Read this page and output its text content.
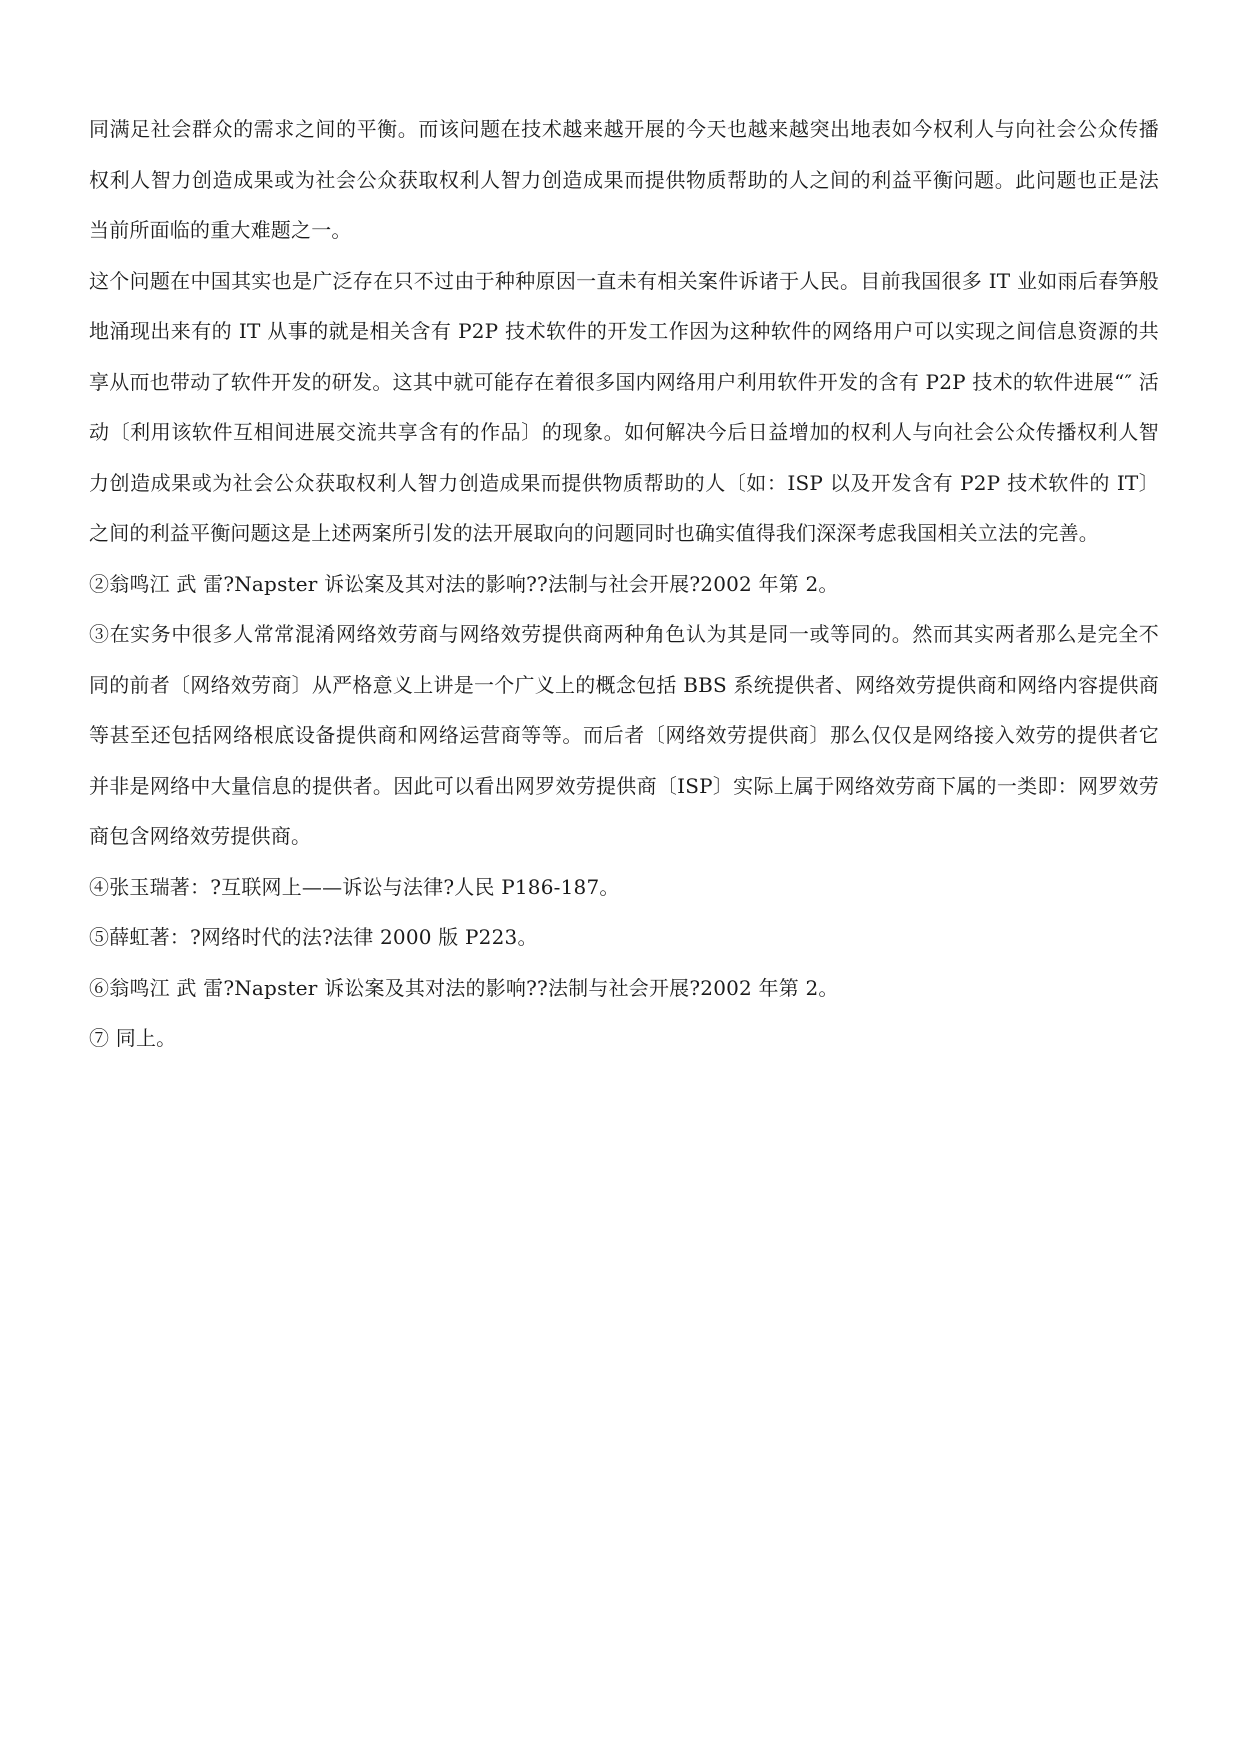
同满足社会群众的需求之间的平衡。而该问题在技术越来越开展的今天也越来越突出地表如今权利人与向社会公众传播权利人智力创造成果或为社会公众获取权利人智力创造成果而提供物质帮助的人之间的利益平衡问题。此问题也正是法当前所面临的重大难题之一。

这个问题在中国其实也是广泛存在只不过由于种种原因一直未有相关案件诉诸于人民。目前我国很多 IT 业如雨后春笋般地涌现出来有的 IT 从事的就是相关含有 P2P 技术软件的开发工作因为这种软件的网络用户可以实现之间信息资源的共享从而也带动了软件开发的研发。这其中就可能存在着很多国内网络用户利用软件开发的含有 P2P 技术的软件进展“″ 活动〔利用该软件互相间进展交流共享含有的作品〕的现象。如何解决今后日益增加的权利人与向社会公众传播权利人智力创造成果或为社会公众获取权利人智力创造成果而提供物质帮助的人〔如：ISP 以及开发含有 P2P 技术软件的 IT〕之间的利益平衡问题这是上述两案所引发的法开展取向的问题同时也确实值得我们深深考虑我国相关立法的完善。

②翁鸣江 武 雷?Napster 诉讼案及其对法的影响??法制与社会开展?2002 年第 2。

③在实务中很多人常常混淆网络效劳商与网络效劳提供商两种角色认为其是同一或等同的。然而其实两者那么是完全不同的前者〔网络效劳商〕从严格意义上讲是一个广义上的概念包括 BBS 系统提供者、网络效劳提供商和网络内容提供商等甚至还包括网络根底设备提供商和网络运营商等等。而后者〔网络效劳提供商〕那么仅仅是网络接入效劳的提供者它并非是网络中大量信息的提供者。因此可以看出网罗效劳提供商〔ISP〕实际上属于网络效劳商下属的一类即：网罗效劳商包含网络效劳提供商。

④张玉瑞著：?互联网上——诉讼与法律?人民 P186-187。

⑤薛虹著：?网络时代的法?法律 2000 版 P223。

⑥翁鸣江 武 雷?Napster 诉讼案及其对法的影响??法制与社会开展?2002 年第 2。

⑦ 同上。
